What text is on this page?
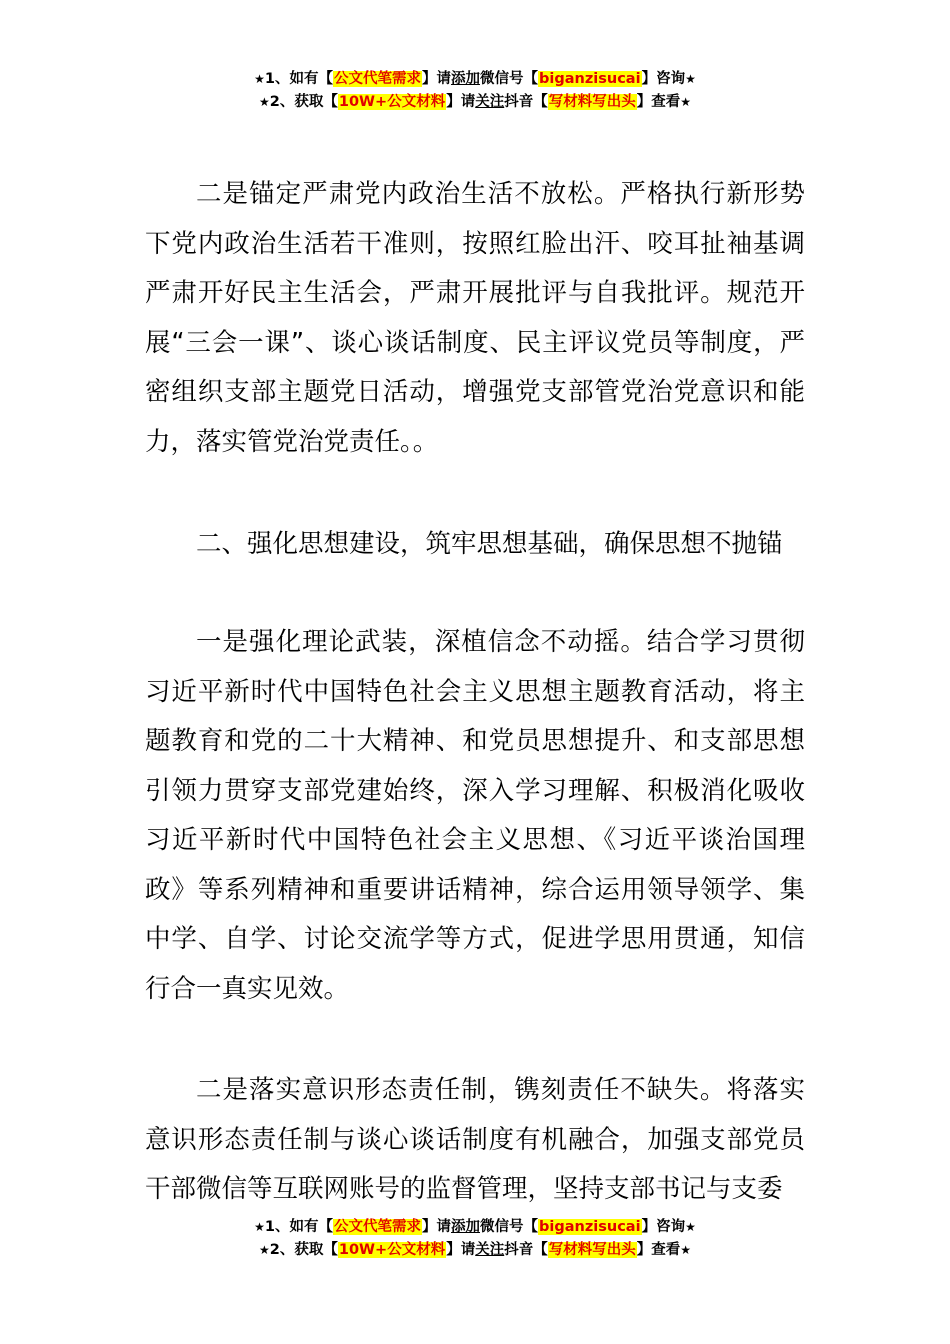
★1、如有【公文代笔需求】请添加微信号【biganzisucai】咨询★
★2、获取【10W+公文材料】请关注抖音【写材料写出头】查看★

二是锚定严肃党内政治生活不放松。严格执行新形势下党内政治生活若干准则，按照红脸出汗、咬耳扯袖基调严肃开好民主生活会，严肃开展批评与自我批评。规范开展“三会一课”、谈心谈话制度、民主评议党员等制度，严密组织支部主题党日活动，增强党支部管党治党意识和能力，落实管党治党责任。。

二、强化思想建设，筑牢思想基础，确保思想不抛锚

一是强化理论武装，深植信念不动摇。结合学习贯彻习近平新时代中国特色社会主义思想主题教育活动，将主题教育和党的二十大精神、和党员思想提升、和支部思想引领力贯穿支部党建始终，深入学习理解、积极消化吸收习近平新时代中国特色社会主义思想、《习近平谈治国理政》等系列精神和重要讲话精神，综合运用领导领学、集中学、自学、讨论交流学等方式，促进学思用贯通，知信行合一真实见效。

二是落实意识形态责任制，镌刻责任不缺失。将落实意识形态责任制与谈心谈话制度有机融合，加强支部党员干部微信等互联网账号的监督管理，坚持支部书记与支委

★1、如有【公文代笔需求】请添加微信号【biganzisucai】咨询★
★2、获取【10W+公文材料】请关注抖音【写材料写出头】查看★
